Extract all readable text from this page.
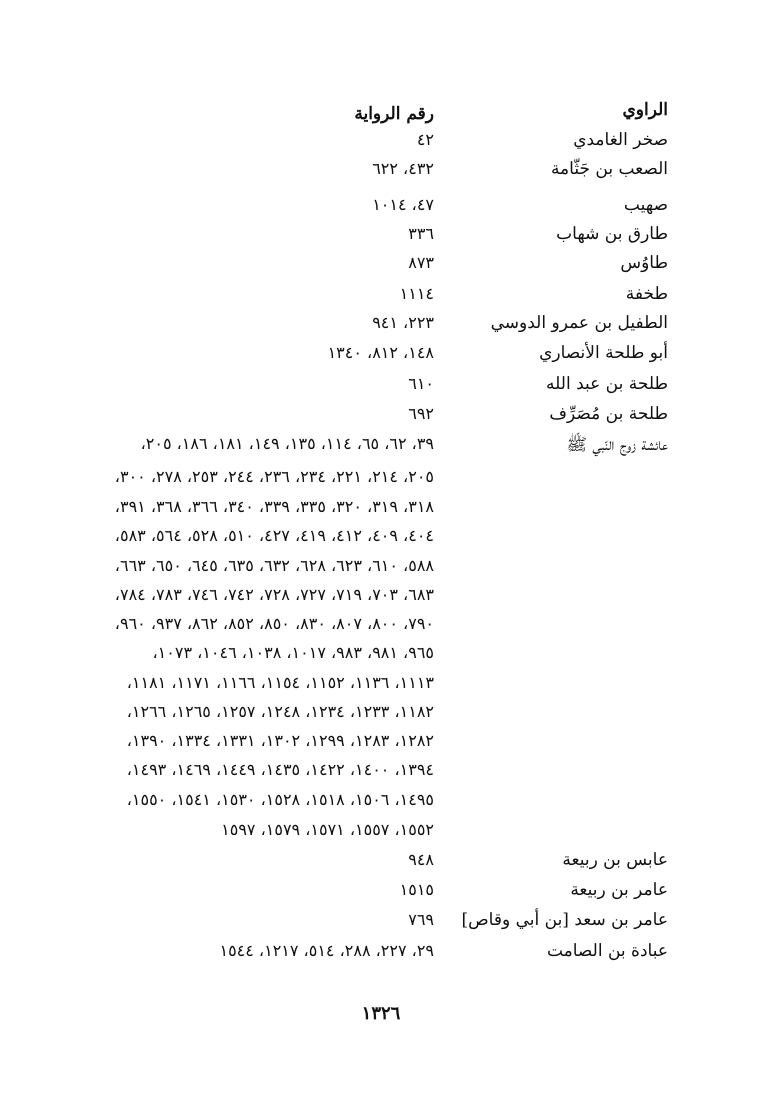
الراوي
رقم الرواية
صخر الغامدي
٤٢
الصعب بن جَثّامة
٤٣٢، ٦٢٢
صهيب
٤٧، ١٠١٤
طارق بن شهاب
٣٣٦
طاوُس
٨٧٣
طخفة
١١١٤
الطفيل بن عمرو الدوسي
٢٢٣، ٩٤١
أبو طلحة الأنصاري
١٤٨، ٨١٢، ١٣٤٠
طلحة بن عبد الله
٦١٠
طلحة بن مُصَرِّف
٦٩٢
عائشة زوج النّبي ﷺ
٣٩، ٦٢، ٦٥، ١١٤، ١٣٥، ١٤٩، ١٨١، ١٨٦، ٢٠٥،
٢٠٥، ٢١٤، ٢٢١، ٢٣٤، ٢٣٦، ٢٤٤، ٢٥٣، ٢٧٨، ٣٠٠،
٣١٨، ٣١٩، ٣٢٠، ٣٣٥، ٣٣٩، ٣٤٠، ٣٦٦، ٣٦٨، ٣٩١،
٤٠٤، ٤٠٩، ٤١٢، ٤١٩، ٤٢٧، ٥١٠، ٥٢٨، ٥٦٤، ٥٨٣،
٥٨٨، ٦١٠، ٦٢٣، ٦٢٨، ٦٣٢، ٦٣٥، ٦٤٥، ٦٥٠، ٦٦٣،
٦٨٣، ٧٠٣، ٧١٩، ٧٢٧، ٧٢٨، ٧٤٢، ٧٤٦، ٧٨٣، ٧٨٤،
٧٩٠، ٨٠٠، ٨٠٧، ٨٣٠، ٨٥٠، ٨٥٢، ٨٦٢، ٩٣٧، ٩٦٠،
٩٦٥، ٩٨١، ٩٨٣، ١٠١٧، ١٠٣٨، ١٠٤٦، ١٠٧٣،
١١١٣، ١١٣٦، ١١٥٢، ١١٥٤، ١١٦٦، ١١٧١، ١١٨١،
١١٨٢، ١٢٣٣، ١٢٣٤، ١٢٤٨، ١٢٥٧، ١٢٦٥، ١٢٦٦،
١٢٨٢، ١٢٨٣، ١٢٩٩، ١٣٠٢، ١٣٣١، ١٣٣٤، ١٣٩٠،
١٣٩٤، ١٤٠٠، ١٤٢٢، ١٤٣٥، ١٤٤٩، ١٤٦٩، ١٤٩٣،
١٤٩٥، ١٥٠٦، ١٥١٨، ١٥٢٨، ١٥٣٠، ١٥٤١، ١٥٥٠،
١٥٥٢، ١٥٥٧، ١٥٧١، ١٥٧٩، ١٥٩٧
عابس بن ربيعة
٩٤٨
عامر بن ربيعة
١٥١٥
عامر بن سعد [بن أبي وقاص]
٧٦٩
عبادة بن الصامت
٢٩، ٢٢٧، ٢٨٨، ٥١٤، ١٢١٧، ١٥٤٤
١٣٢٦
